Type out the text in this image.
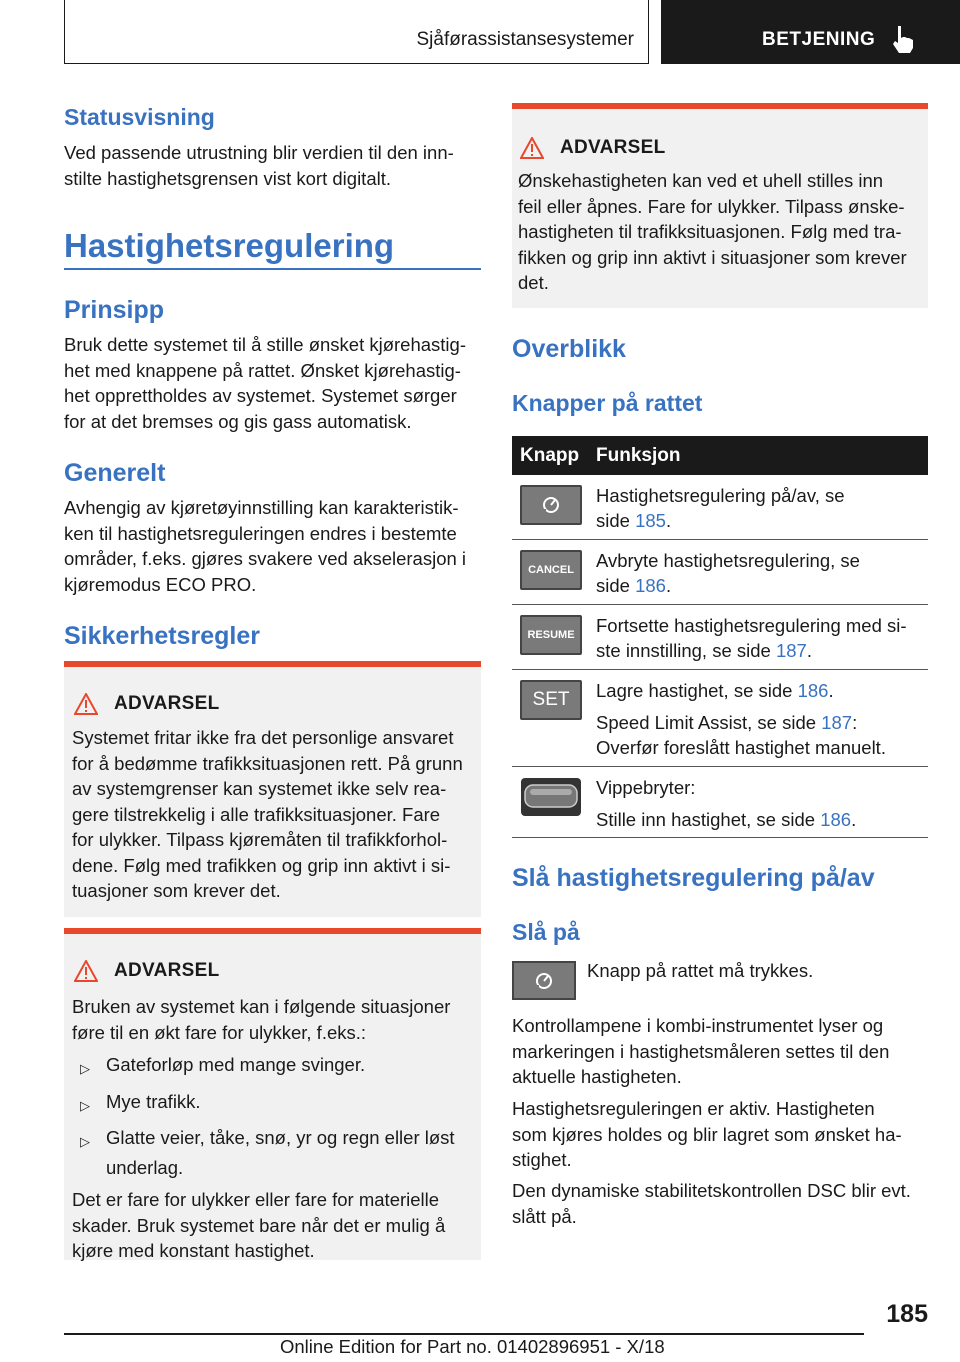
Sjåførassistansesystemer	BETJENING
Statusvisning
Ved passende utrustning blir verdien til den inn-
stilte hastighetsgrensen vist kort digitalt.
Hastighetsregulering
Prinsipp
Bruk dette systemet til å stille ønsket kjørehastig-
het med knappene på rattet. Ønsket kjørehastig-
het opprettholdes av systemet. Systemet sørger
for at det bremses og gis gass automatisk.
Generelt
Avhengig av kjøretøyinnstilling kan karakteristik-
ken til hastighetsreguleringen endres i bestemte
områder, f.eks. gjøres svakere ved akselerasjon i
kjøremodus ECO PRO.
Sikkerhetsregler
ADVARSEL
Systemet fritar ikke fra det personlige ansvaret
for å bedømme trafikksituasjonen rett. På grunn
av systemgrenser kan systemet ikke selv rea-
gere tilstrekkelig i alle trafikksituasjoner. Fare
for ulykker. Tilpass kjøremåten til trafikkforhol-
dene. Følg med trafikken og grip inn aktivt i si-
tuasjoner som krever det.
ADVARSEL
Bruken av systemet kan i følgende situasjoner
føre til en økt fare for ulykker, f.eks.:
▷ Gateforløp med mange svinger.
▷ Mye trafikk.
▷ Glatte veier, tåke, snø, yr og regn eller løst
underlag.
Det er fare for ulykker eller fare for materielle
skader. Bruk systemet bare når det er mulig å
kjøre med konstant hastighet.
ADVARSEL
Ønskehastigheten kan ved et uhell stilles inn
feil eller åpnes. Fare for ulykker. Tilpass ønske-
hastigheten til trafikksituasjonen. Følg med tra-
fikken og grip inn aktivt i situasjoner som krever
det.
Overblikk
Knapper på rattet
Knapp Funksjon
Hastighetsregulering på/av, se
side 185.
CANCEL Avbryte hastighetsregulering, se
side 186.
RESUME Fortsette hastighetsregulering med si-
ste innstilling, se side 187.
SET Lagre hastighet, se side 186.
Speed Limit Assist, se side 187:
Overfør foreslått hastighet manuelt.
Vippebryter:
Stille inn hastighet, se side 186.
Slå hastighetsregulering på/av
Slå på
Knapp på rattet må trykkes.
Kontrollampene i kombi-instrumentet lyser og
markeringen i hastighetsmåleren settes til den
aktuelle hastigheten.
Hastighetsreguleringen er aktiv. Hastigheten
som kjøres holdes og blir lagret som ønsket ha-
stighet.
Den dynamiske stabilitetskontrollen DSC blir evt.
slått på.
185
Online Edition for Part no. 01402896951 - X/18
